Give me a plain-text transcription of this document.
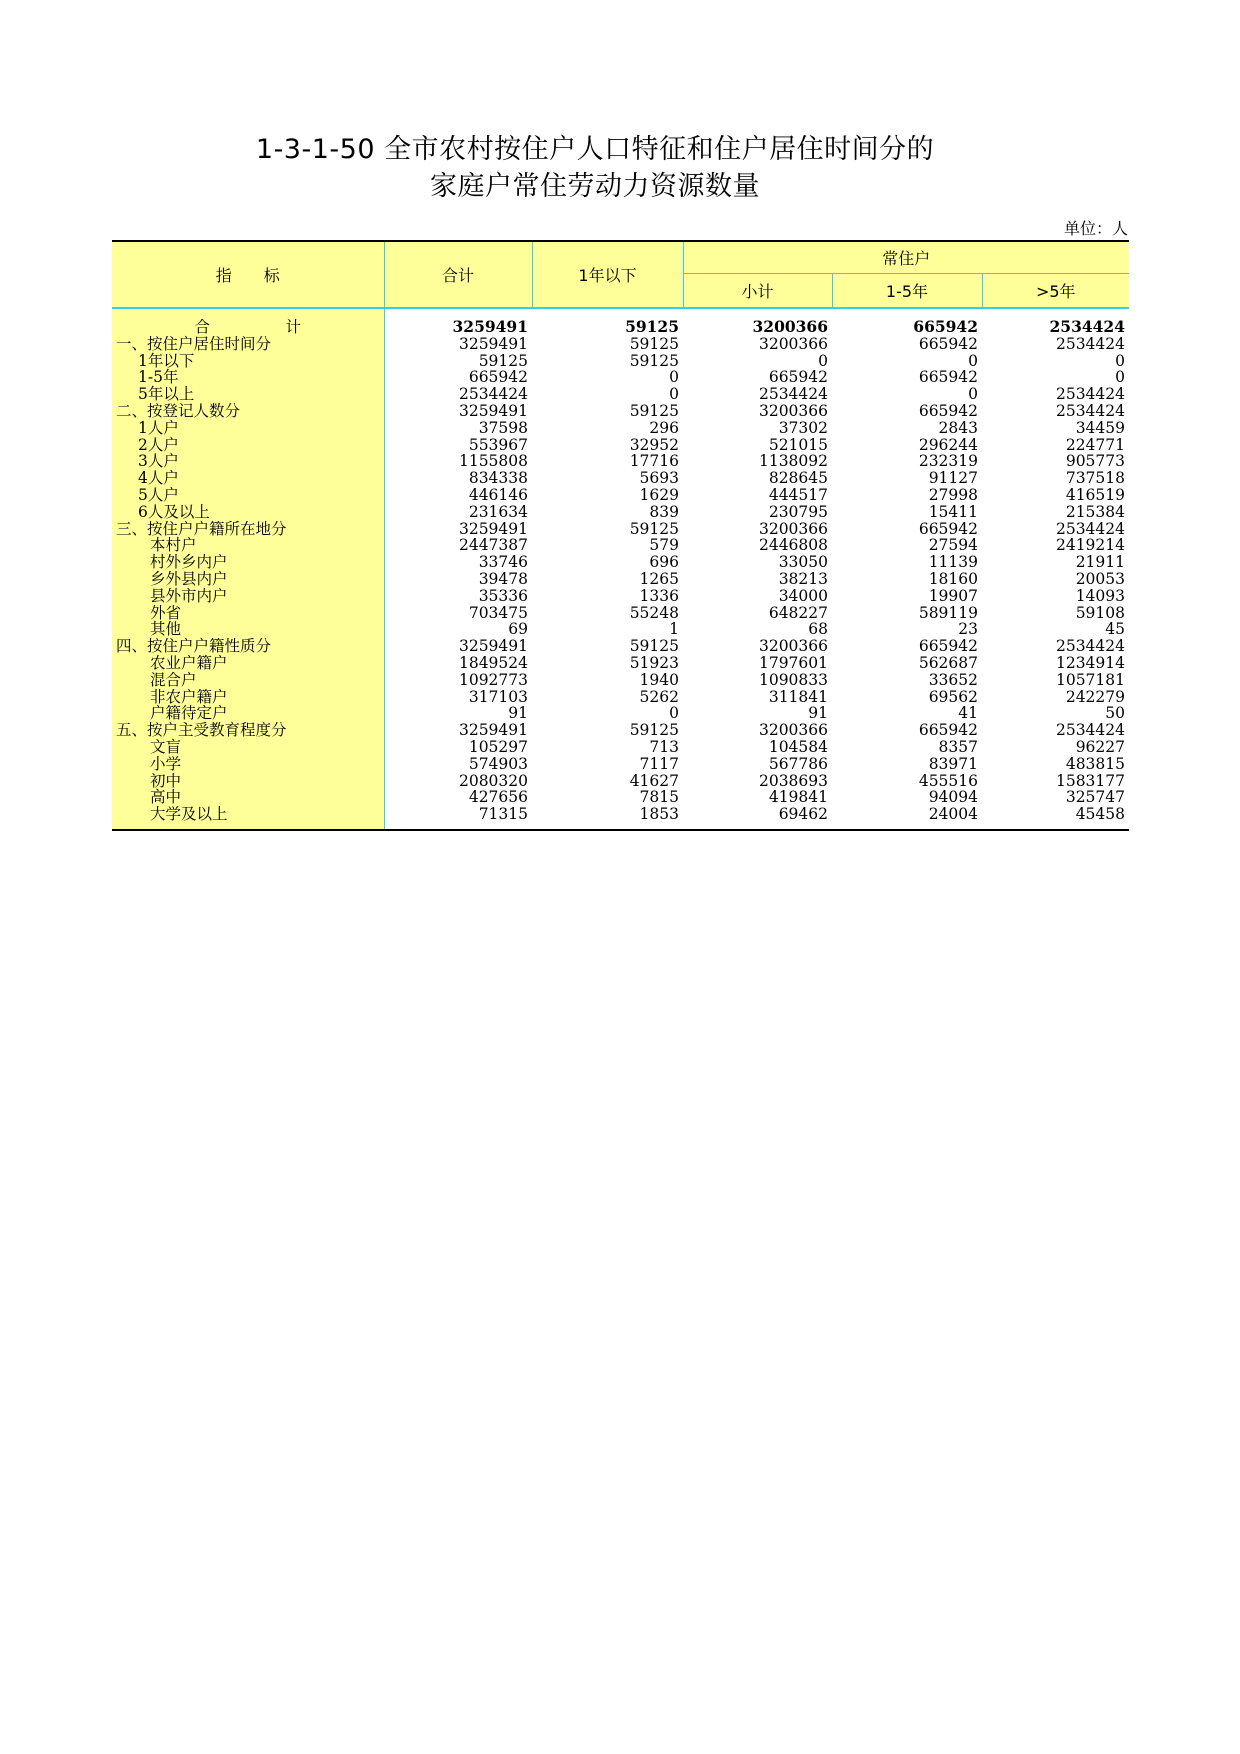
1-3-1-50 全市农村按住户人口特征和住户居住时间分的
家庭户常住劳动力资源数量
单位：人
指　　标	合计	1年以下	常住户		
			小计	1-5年	>5年

合　计	3259491	59125	3200366	665942	2534424
一、按住户居住时间分	3259491	59125	3200366	665942	2534424
1年以下	59125	59125	0	0	0
1-5年	665942	0	665942	665942	0
5年以上	2534424	0	2534424	0	2534424
二、按登记人数分	3259491	59125	3200366	665942	2534424
1人户	37598	296	37302	2843	34459
2人户	553967	32952	521015	296244	224771
3人户	1155808	17716	1138092	232319	905773
4人户	834338	5693	828645	91127	737518
5人户	446146	1629	444517	27998	416519
6人及以上	231634	839	230795	15411	215384
三、按住户户籍所在地分	3259491	59125	3200366	665942	2534424
本村户	2447387	579	2446808	27594	2419214
村外乡内户	33746	696	33050	11139	21911
乡外县内户	39478	1265	38213	18160	20053
县外市内户	35336	1336	34000	19907	14093
外省	703475	55248	648227	589119	59108
其他	69	1	68	23	45
四、按住户户籍性质分	3259491	59125	3200366	665942	2534424
农业户籍户	1849524	51923	1797601	562687	1234914
混合户	1092773	1940	1090833	33652	1057181
非农户籍户	317103	5262	311841	69562	242279
户籍待定户	91	0	91	41	50
五、按户主受教育程度分	3259491	59125	3200366	665942	2534424
文盲	105297	713	104584	8357	96227
小学	574903	7117	567786	83971	483815
初中	2080320	41627	2038693	455516	1583177
高中	427656	7815	419841	94094	325747
大学及以上	71315	1853	69462	24004	45458
